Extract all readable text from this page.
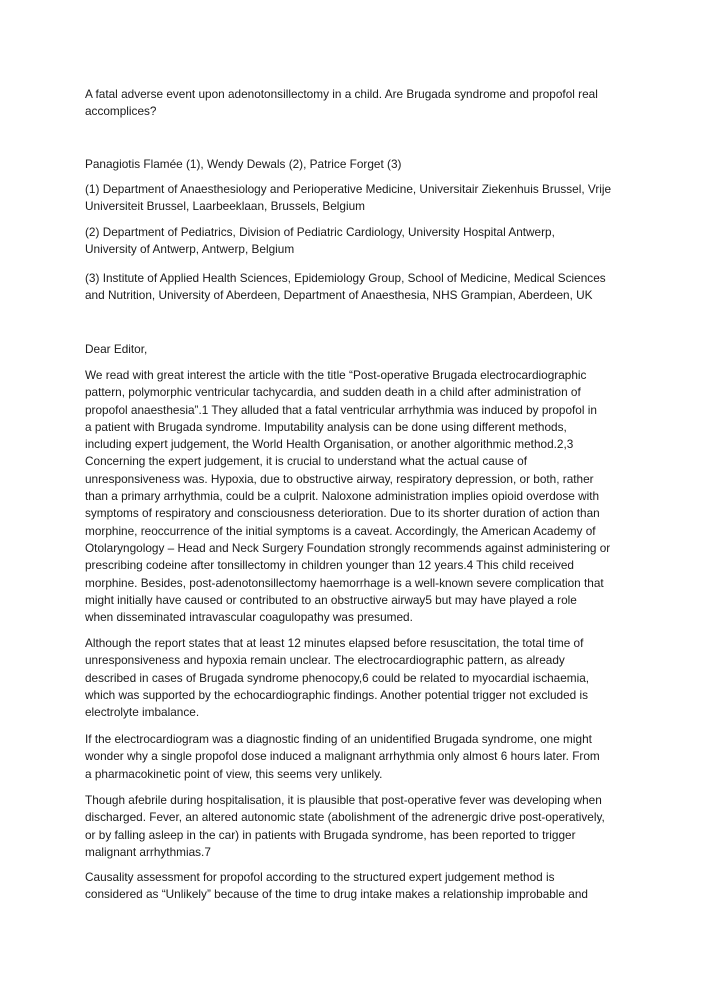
A fatal adverse event upon adenotonsillectomy in a child. Are Brugada syndrome and propofol real
accomplices?
Panagiotis Flamée (1), Wendy Dewals (2), Patrice Forget (3)
(1) Department of Anaesthesiology and Perioperative Medicine, Universitair Ziekenhuis Brussel, Vrije
Universiteit Brussel, Laarbeeklaan, Brussels, Belgium
(2) Department of Pediatrics, Division of Pediatric Cardiology, University Hospital Antwerp,
University of Antwerp, Antwerp, Belgium
(3) Institute of Applied Health Sciences, Epidemiology Group, School of Medicine, Medical Sciences
and Nutrition, University of Aberdeen, Department of Anaesthesia, NHS Grampian, Aberdeen, UK
Dear Editor,
We read with great interest the article with the title “Post-operative Brugada electrocardiographic
pattern, polymorphic ventricular tachycardia, and sudden death in a child after administration of
propofol anaesthesia”.1 They alluded that a fatal ventricular arrhythmia was induced by propofol in
a patient with Brugada syndrome. Imputability analysis can be done using different methods,
including expert judgement, the World Health Organisation, or another algorithmic method.2,3
Concerning the expert judgement, it is crucial to understand what the actual cause of
unresponsiveness was. Hypoxia, due to obstructive airway, respiratory depression, or both, rather
than a primary arrhythmia, could be a culprit. Naloxone administration implies opioid overdose with
symptoms of respiratory and consciousness deterioration. Due to its shorter duration of action than
morphine, reoccurrence of the initial symptoms is a caveat. Accordingly, the American Academy of
Otolaryngology – Head and Neck Surgery Foundation strongly recommends against administering or
prescribing codeine after tonsillectomy in children younger than 12 years.4 This child received
morphine. Besides, post-adenotonsillectomy haemorrhage is a well-known severe complication that
might initially have caused or contributed to an obstructive airway5 but may have played a role
when disseminated intravascular coagulopathy was presumed.
Although the report states that at least 12 minutes elapsed before resuscitation, the total time of
unresponsiveness and hypoxia remain unclear. The electrocardiographic pattern, as already
described in cases of Brugada syndrome phenocopy,6 could be related to myocardial ischaemia,
which was supported by the echocardiographic findings. Another potential trigger not excluded is
electrolyte imbalance.
If the electrocardiogram was a diagnostic finding of an unidentified Brugada syndrome, one might
wonder why a single propofol dose induced a malignant arrhythmia only almost 6 hours later. From
a pharmacokinetic point of view, this seems very unlikely.
Though afebrile during hospitalisation, it is plausible that post-operative fever was developing when
discharged. Fever, an altered autonomic state (abolishment of the adrenergic drive post-operatively,
or by falling asleep in the car) in patients with Brugada syndrome, has been reported to trigger
malignant arrhythmias.7
Causality assessment for propofol according to the structured expert judgement method is
considered as “Unlikely” because of the time to drug intake makes a relationship improbable and
